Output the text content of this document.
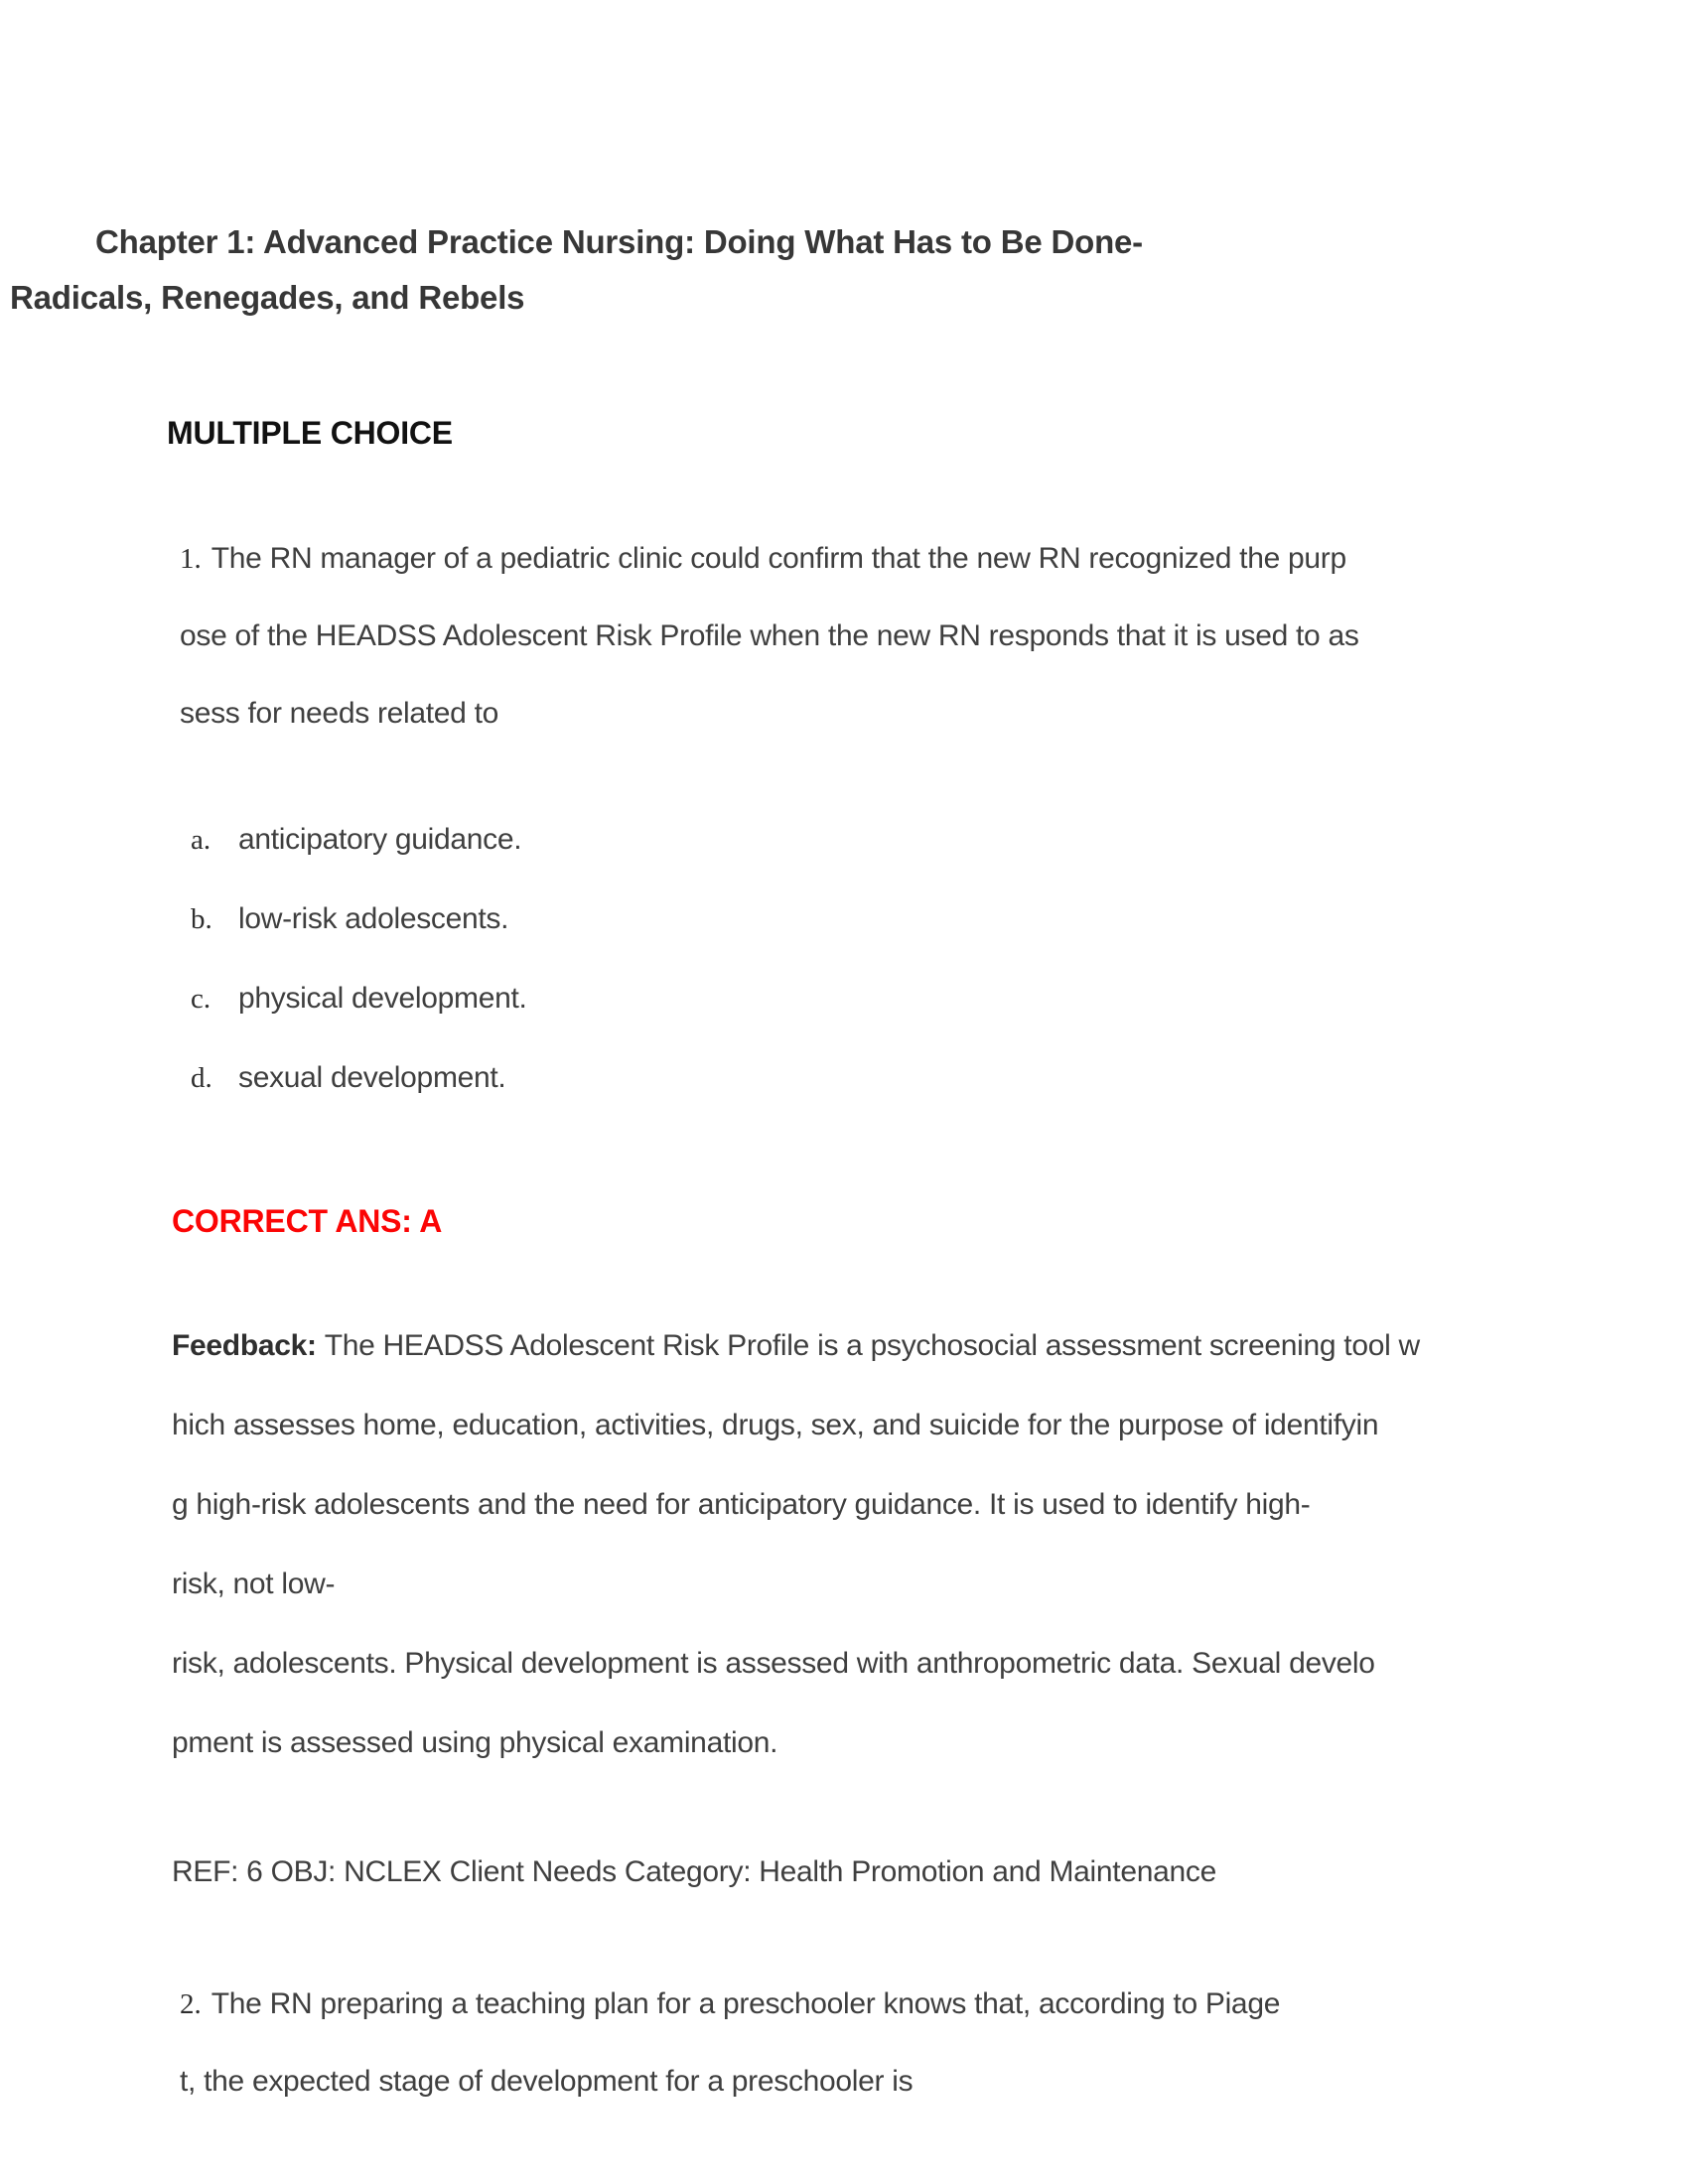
Chapter 1: Advanced Practice Nursing: Doing What Has to Be Done-
Radicals, Renegades, and Rebels
MULTIPLE CHOICE
1. The RN manager of a pediatric clinic could confirm that the new RN recognized the purp
ose of the HEADSS Adolescent Risk Profile when the new RN responds that it is used to as
sess for needs related to
a. anticipatory guidance.
b. low-risk adolescents.
c. physical development.
d. sexual development.
CORRECT ANS: A
Feedback: The HEADSS Adolescent Risk Profile is a psychosocial assessment screening tool w
hich assesses home, education, activities, drugs, sex, and suicide for the purpose of identifyin
g high-risk adolescents and the need for anticipatory guidance. It is used to identify high-
risk, not low-
risk, adolescents. Physical development is assessed with anthropometric data. Sexual develo
pment is assessed using physical examination.
REF: 6 OBJ: NCLEX Client Needs Category: Health Promotion and Maintenance
2. The RN preparing a teaching plan for a preschooler knows that, according to Piage
t, the expected stage of development for a preschooler is
